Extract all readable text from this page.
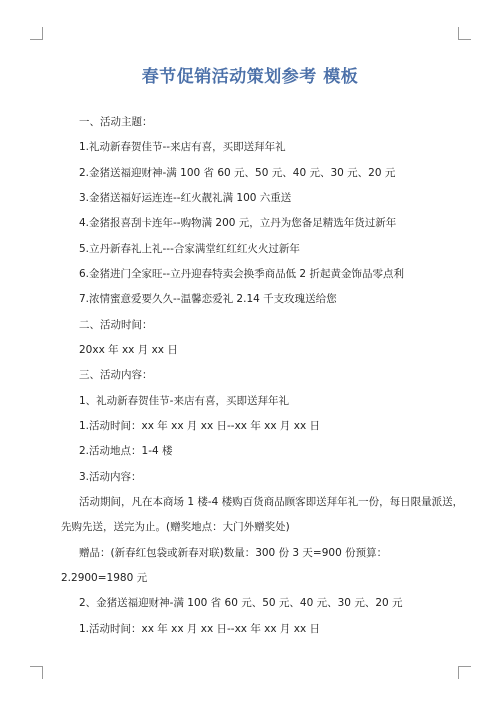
春节促销活动策划参考 模板
一、活动主题：
1.礼动新春贺佳节--来店有喜，买即送拜年礼
2.金猪送福迎财神-满 100 省 60 元、50 元、40 元、30 元、20 元
3.金猪送福好运连连--红火靓礼满 100 六重送
4.金猪报喜刮卡连年--购物满 200 元，立丹为您备足精选年货过新年
5.立丹新春礼上礼---合家满堂红红红火火过新年
6.金猪进门全家旺--立丹迎春特卖会换季商品低 2 折起黄金饰品零点利
7.浓情蜜意爱要久久--温馨恋爱礼 2.14 千支玫瑰送给您
二、活动时间：
20xx 年 xx 月 xx 日
三、活动内容：
1、礼动新春贺佳节-来店有喜，买即送拜年礼
1.活动时间：xx 年 xx 月 xx 日--xx 年 xx 月 xx 日
2.活动地点：1-4 楼
3.活动内容：
活动期间，凡在本商场 1 楼-4 楼购百货商品顾客即送拜年礼一份，每日限量派送，
先购先送，送完为止。(赠奖地点：大门外赠奖处)
赠品：(新春红包袋或新春对联)数量：300 份 3 天=900 份预算：
2.2900=1980 元
2、金猪送福迎财神-满 100 省 60 元、50 元、40 元、30 元、20 元
1.活动时间：xx 年 xx 月 xx 日--xx 年 xx 月 xx 日
